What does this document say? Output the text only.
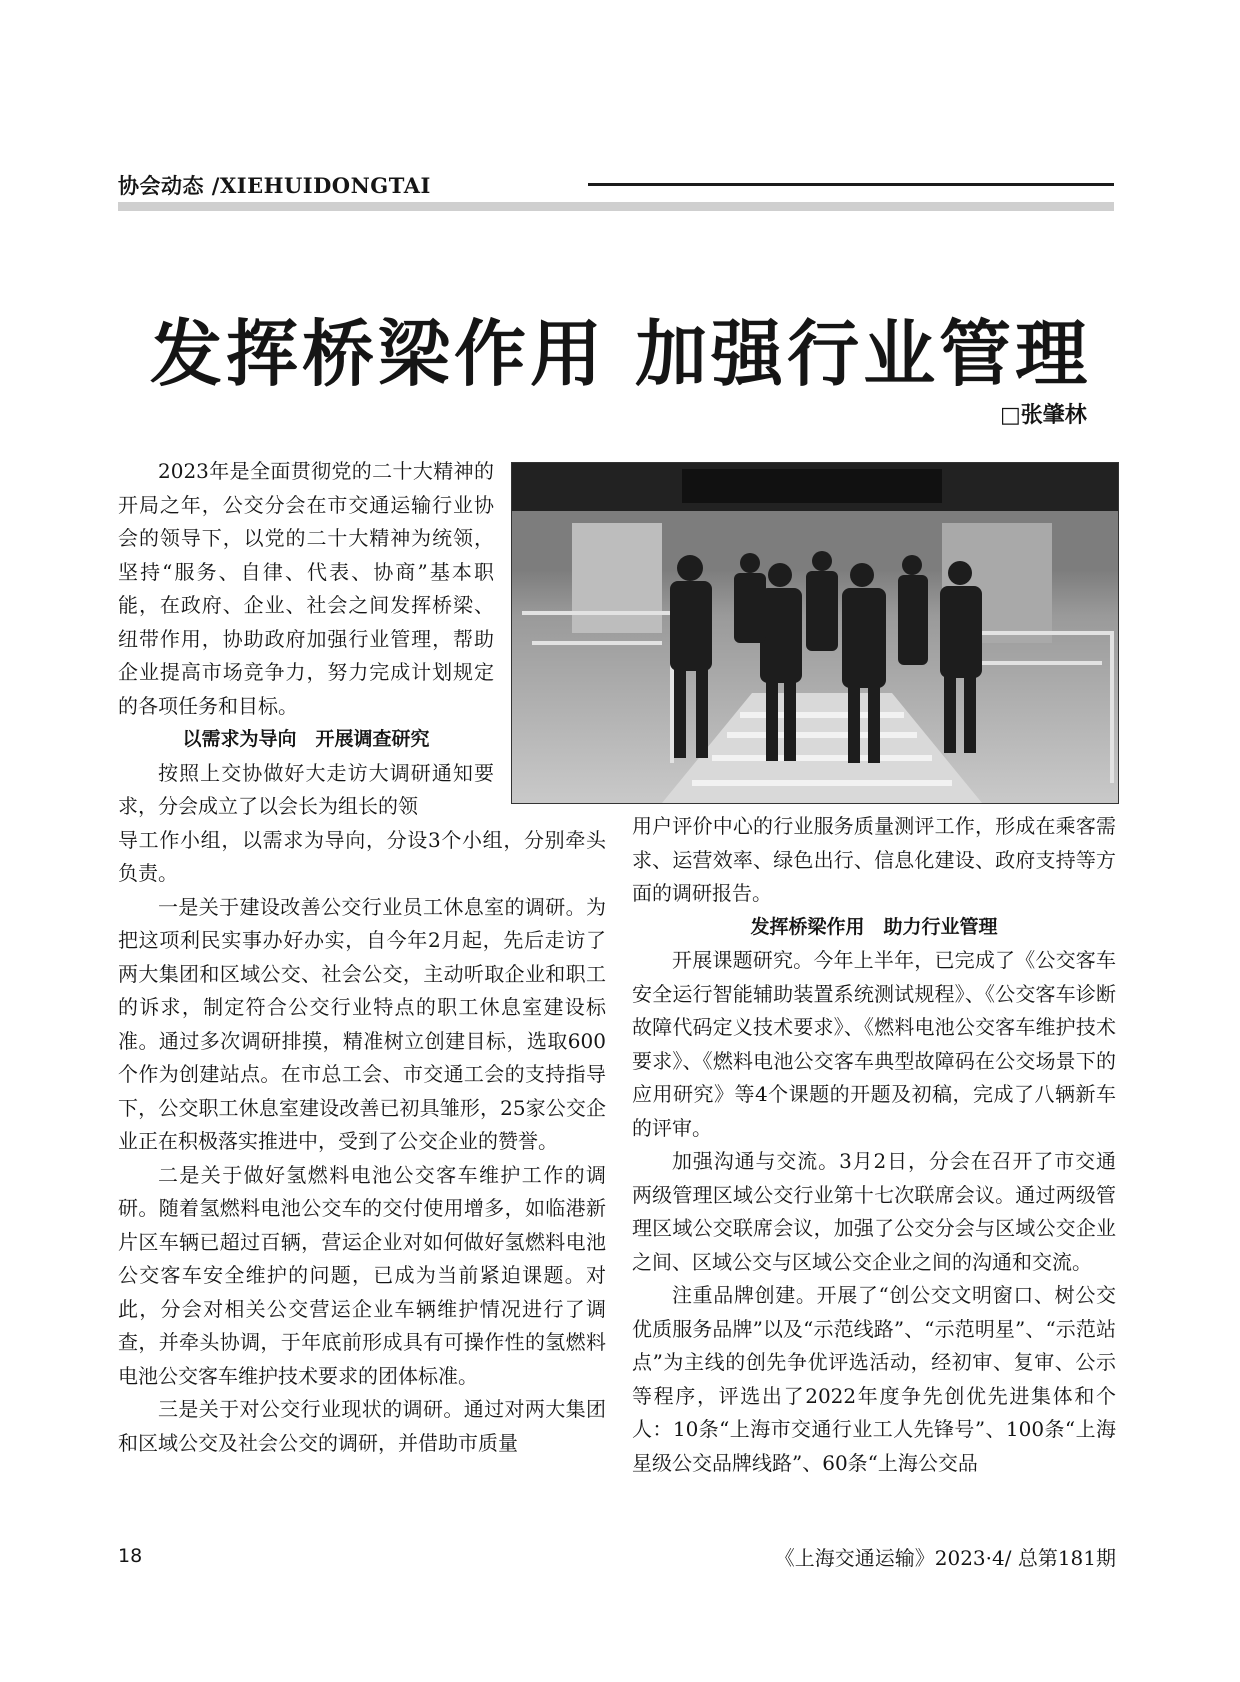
协会动态 /XIEHUIDONGTAI
发挥桥梁作用 加强行业管理
□张肇林

2023年是全面贯彻党的二十大精神的开局之年，公交分会在市交通运输行业协会的领导下，以党的二十大精神为统领，坚持“服务、自律、代表、协商”基本职能，在政府、企业、社会之间发挥桥梁、纽带作用，协助政府加强行业管理，帮助企业提高市场竞争力，努力完成计划规定的各项任务和目标。

以需求为导向　开展调查研究

按照上交协做好大走访大调研通知要求，分会成立了以会长为组长的领

导工作小组，以需求为导向，分设3个小组，分别牵头负责。

一是关于建设改善公交行业员工休息室的调研。为把这项利民实事办好办实，自今年2月起，先后走访了两大集团和区域公交、社会公交，主动听取企业和职工的诉求，制定符合公交行业特点的职工休息室建设标准。通过多次调研排摸，精准树立创建目标，选取600个作为创建站点。在市总工会、市交通工会的支持指导下，公交职工休息室建设改善已初具雏形，25家公交企业正在积极落实推进中，受到了公交企业的赞誉。

二是关于做好氢燃料电池公交客车维护工作的调研。随着氢燃料电池公交车的交付使用增多，如临港新片区车辆已超过百辆，营运企业对如何做好氢燃料电池公交客车安全维护的问题，已成为当前紧迫课题。对此，分会对相关公交营运企业车辆维护情况进行了调查，并牵头协调，于年底前形成具有可操作性的氢燃料电池公交客车维护技术要求的团体标准。

三是关于对公交行业现状的调研。通过对两大集团和区域公交及社会公交的调研，并借助市质量

用户评价中心的行业服务质量测评工作，形成在乘客需求、运营效率、绿色出行、信息化建设、政府支持等方面的调研报告。

发挥桥梁作用　助力行业管理

开展课题研究。今年上半年，已完成了《公交客车安全运行智能辅助装置系统测试规程》、《公交客车诊断故障代码定义技术要求》、《燃料电池公交客车维护技术要求》、《燃料电池公交客车典型故障码在公交场景下的应用研究》等4个课题的开题及初稿，完成了八辆新车的评审。

加强沟通与交流。3月2日，分会在召开了市交通两级管理区域公交行业第十七次联席会议。通过两级管理区域公交联席会议，加强了公交分会与区域公交企业之间、区域公交与区域公交企业之间的沟通和交流。

注重品牌创建。开展了“创公交文明窗口、树公交优质服务品牌”以及“示范线路”、“示范明星”、“示范站点”为主线的创先争优评选活动，经初审、复审、公示等程序，评选出了2022年度争先创优先进集体和个人：10条“上海市交通行业工人先锋号”、100条“上海星级公交品牌线路”、60条“上海公交品

18	《上海交通运输》2023·4/ 总第181期
